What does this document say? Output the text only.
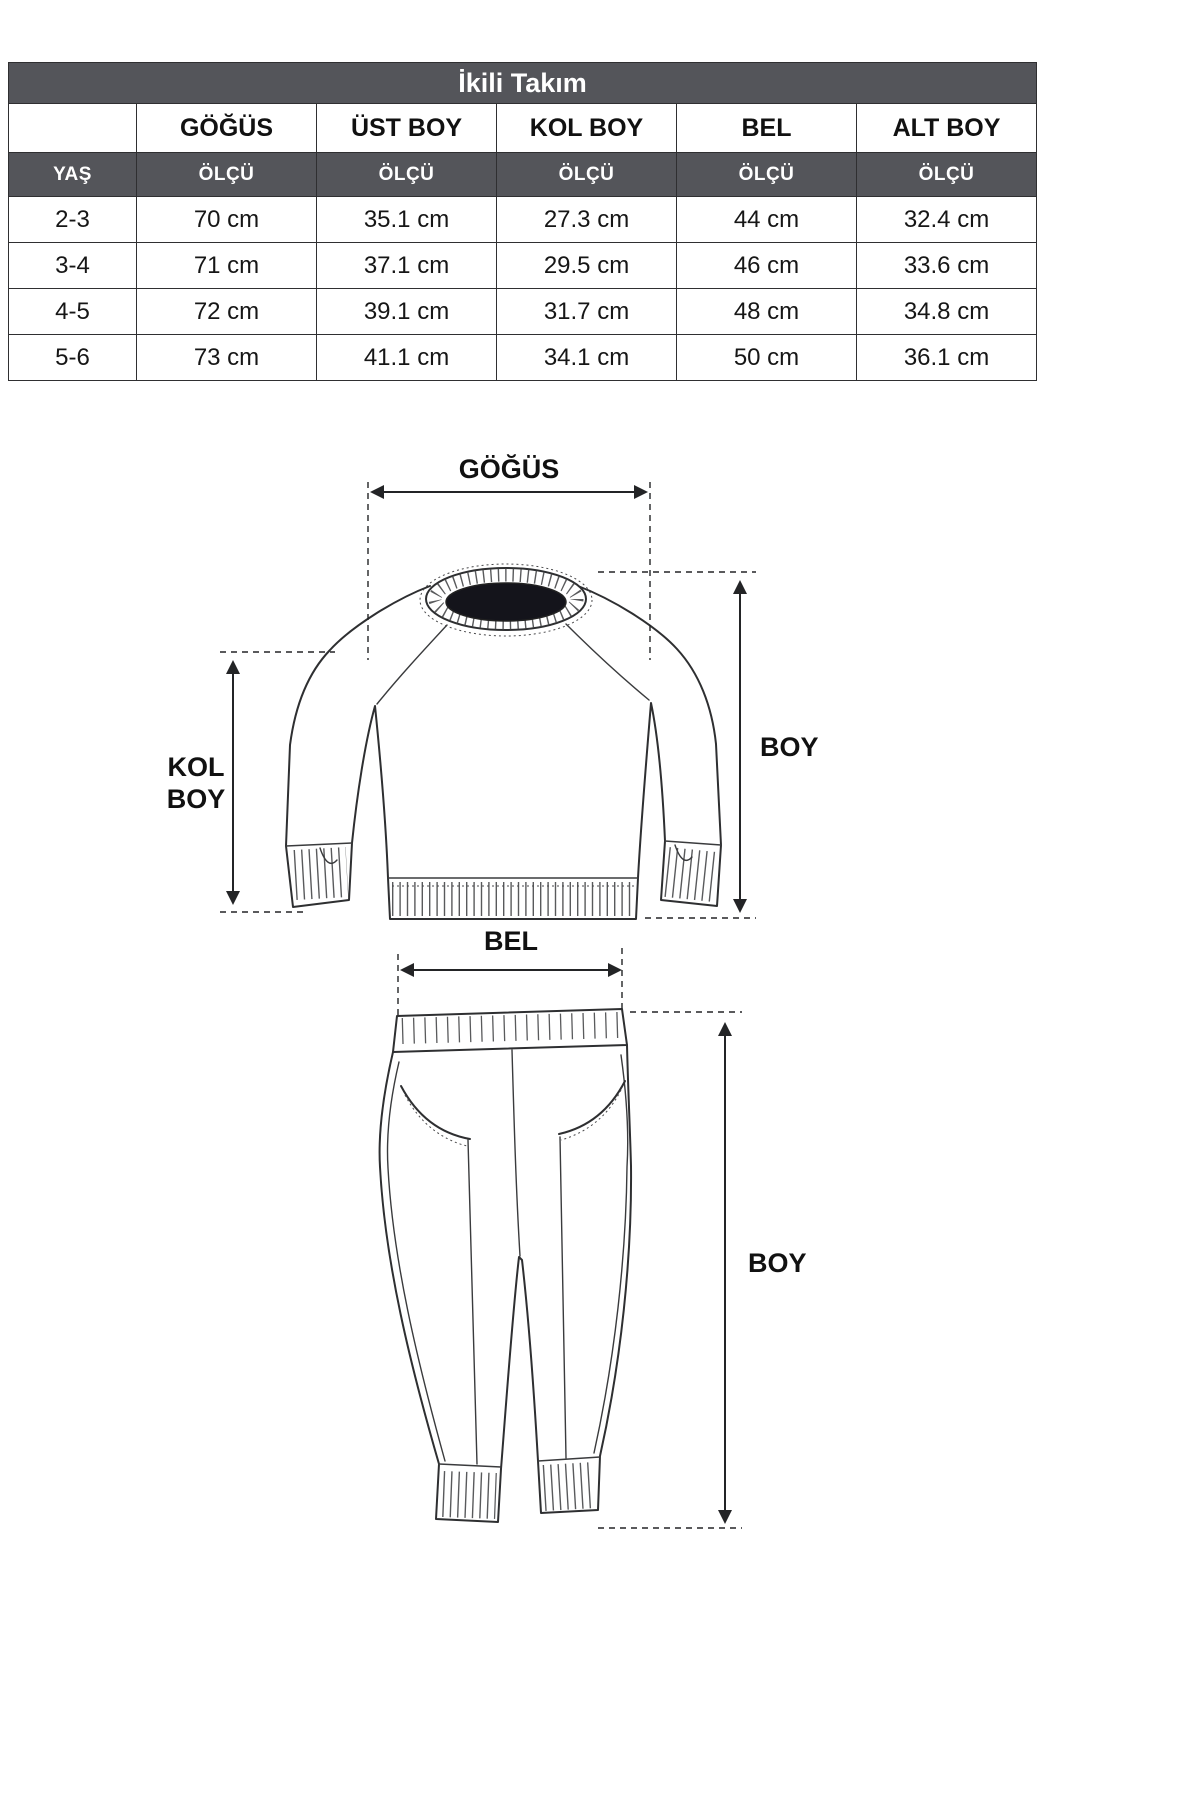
İkili Takım					
	GÖĞÜS	ÜST BOY	KOL BOY	BEL	ALT BOY
YAŞ	ÖLÇÜ	ÖLÇÜ	ÖLÇÜ	ÖLÇÜ	ÖLÇÜ
2-3	70 cm	35.1 cm	27.3 cm	44 cm	32.4 cm
3-4	71 cm	37.1 cm	29.5 cm	46 cm	33.6 cm
4-5	72 cm	39.1 cm	31.7 cm	48 cm	34.8 cm
5-6	73 cm	41.1 cm	34.1 cm	50 cm	36.1 cm
GÖĞÜS
BOY
KOL
BOY
BEL
BOY
